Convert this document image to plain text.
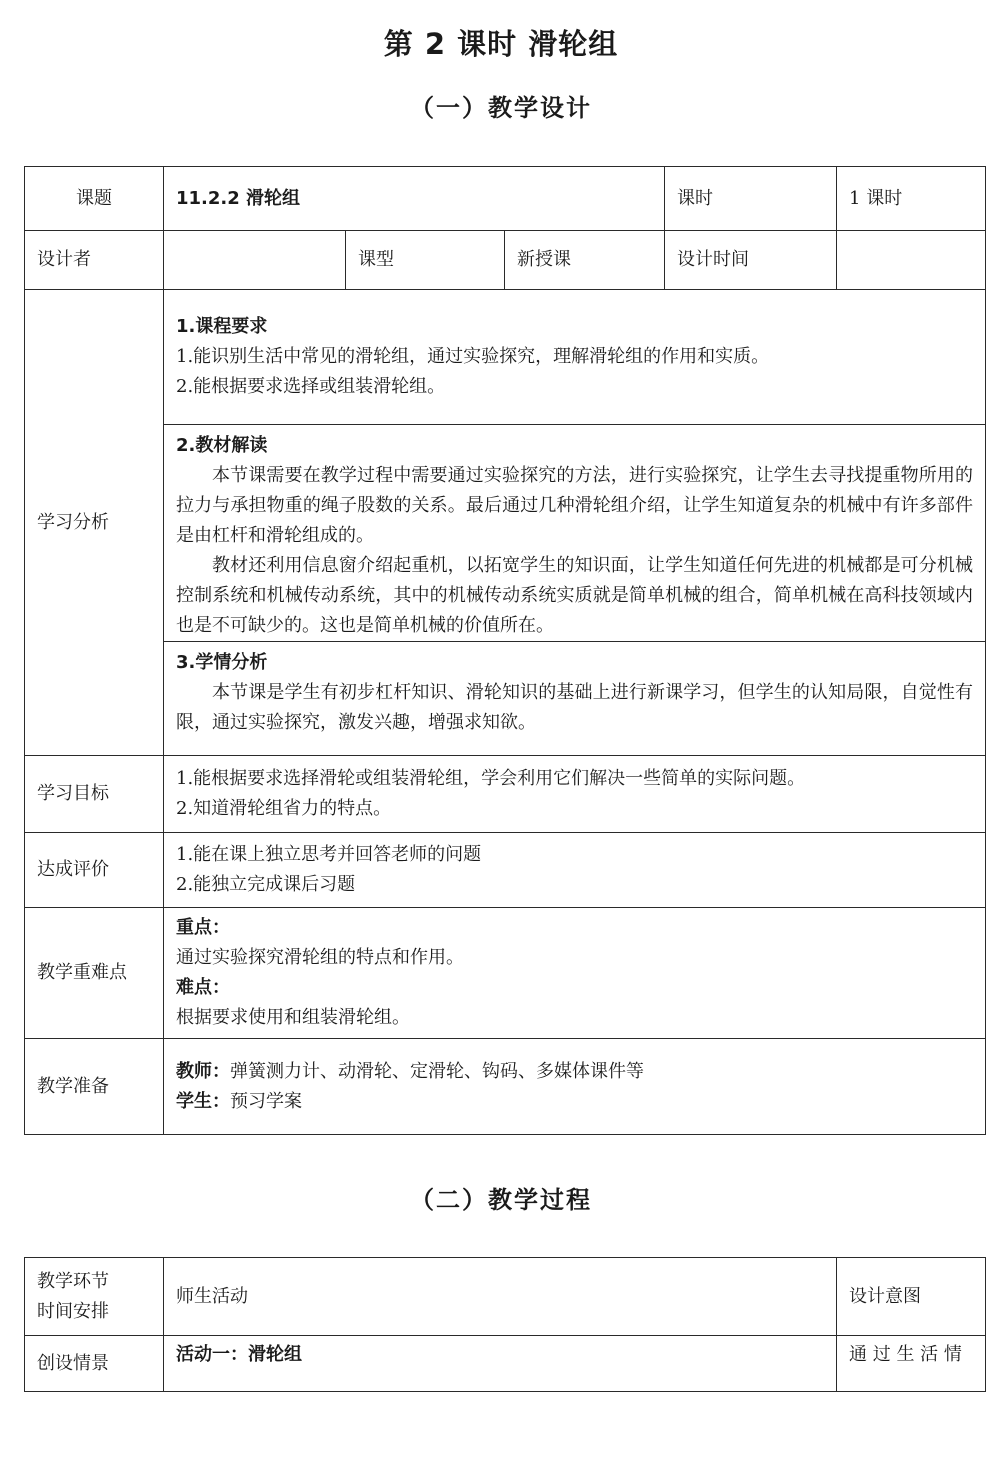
第 2 课时 滑轮组
（一）教学设计
课题	11.2.2 滑轮组			课时	1 课时
设计者		课型	新授课	设计时间	
学习分析	1.课程要求
1.能识别生活中常见的滑轮组，通过实验探究，理解滑轮组的作用和实质。
2.能根据要求选择或组装滑轮组。				

	2.教材解读
本节课需要在教学过程中需要通过实验探究的方法，进行实验探究，让学生去寻找提重物所用的拉力与承担物重的绳子股数的关系。最后通过几种滑轮组介绍，让学生知道复杂的机械中有许多部件是由杠杆和滑轮组成的。
教材还利用信息窗介绍起重机，以拓宽学生的知识面，让学生知道任何先进的机械都是可分机械控制系统和机械传动系统，其中的机械传动系统实质就是简单机械的组合，简单机械在高科技领域内也是不可缺少的。这也是简单机械的价值所在。				

	3.学情分析
本节课是学生有初步杠杆知识、滑轮知识的基础上进行新课学习，但学生的认知局限，自觉性有限，通过实验探究，激发兴趣，增强求知欲。				

学习目标	1.能根据要求选择滑轮或组装滑轮组，学会利用它们解决一些简单的实际问题。
2.知道滑轮组省力的特点。				

达成评价	1.能在课上独立思考并回答老师的问题
2.能独立完成课后习题				

教学重难点	重点：
通过实验探究滑轮组的特点和作用。
难点：
根据要求使用和组装滑轮组。				

教学准备	教师：弹簧测力计、动滑轮、定滑轮、钩码、多媒体课件等
学生：预习学案				
（二）教学过程
教学环节
时间安排	师生活动	设计意图
创设情景	活动一：滑轮组	通 过 生 活 情
